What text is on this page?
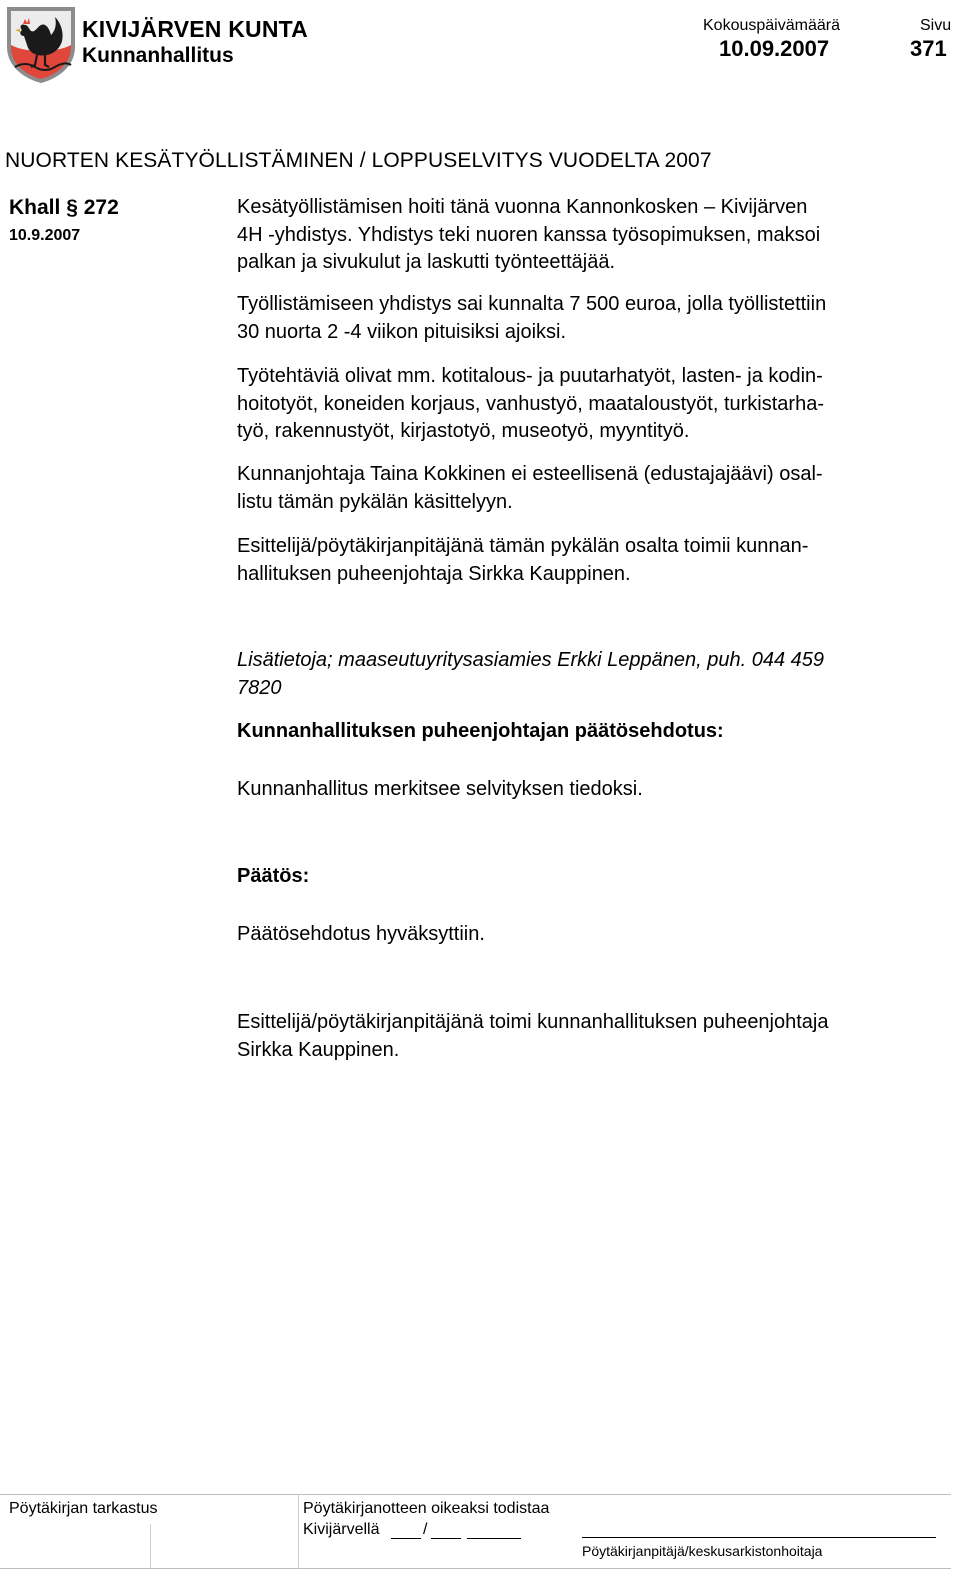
KIVIJÄRVEN KUNTA
Kunnanhallitus
Kokouspäivämäärä
10.09.2007
Sivu
371
NUORTEN KESÄTYÖLLISTÄMINEN / LOPPUSELVITYS VUODELTA 2007
Khall § 272
10.9.2007

Kesätyöllistämisen hoiti tänä vuonna Kannonkosken – Kivijärven

4H -yhdistys. Yhdistys teki nuoren kanssa työsopimuksen, maksoi

palkan ja sivukulut ja laskutti työnteettäjää.

Työllistämiseen yhdistys sai kunnalta 7 500 euroa, jolla työllistettiin

30 nuorta 2 -4 viikon pituisiksi ajoiksi.

Työtehtäviä olivat mm. kotitalous- ja puutarhatyöt, lasten- ja kodin-

hoitotyöt, koneiden korjaus, vanhustyö, maataloustyöt, turkistarha-

työ, rakennustyöt, kirjastotyö, museotyö, myyntityö.

Kunnanjohtaja Taina Kokkinen ei esteellisenä (edustajajäävi) osal-

listu tämän pykälän käsittelyyn.

Esittelijä/pöytäkirjanpitäjänä tämän pykälän osalta toimii kunnan-

hallituksen puheenjohtaja Sirkka Kauppinen.

Lisätietoja; maaseutuyritysasiamies Erkki Leppänen, puh. 044 459

7820

Kunnanhallituksen puheenjohtajan päätösehdotus:
Kunnanhallitus merkitsee selvityksen tiedoksi.
Päätös:
Päätösehdotus hyväksyttiin.

Esittelijä/pöytäkirjanpitäjänä toimi kunnanhallituksen puheenjohtaja

Sirkka Kauppinen.

Pöytäkirjan tarkastus	Pöytäkirjanotteen oikeaksi todistaa
Kivijärvellä	/
Pöytäkirjanpitäjä/keskusarkistonhoitaja
